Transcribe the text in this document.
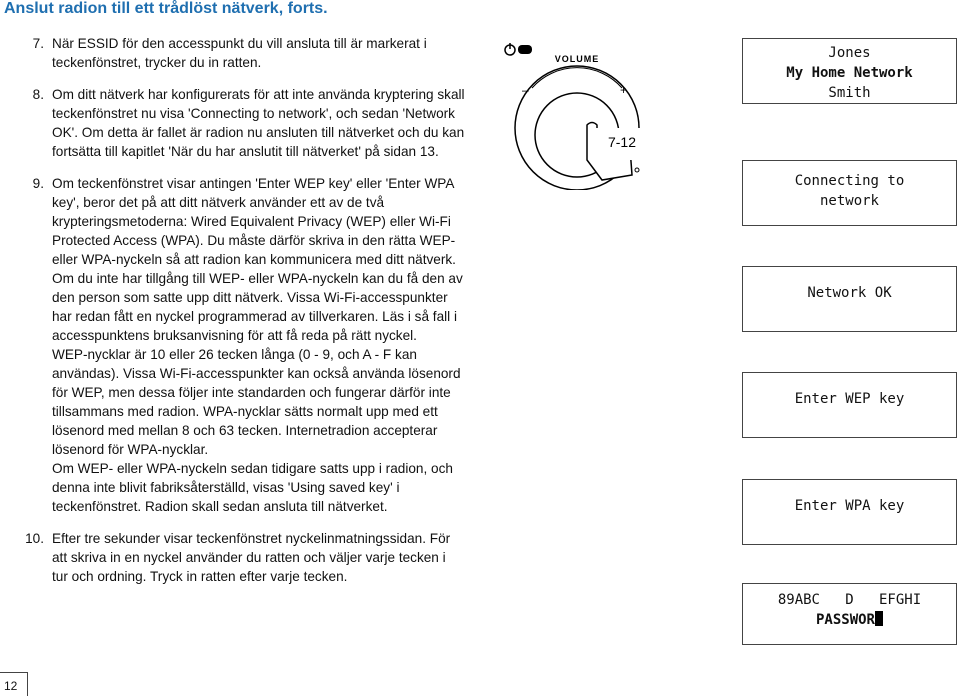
Anslut radion till ett trådlöst nätverk, forts.
7. När ESSID för den accesspunkt du vill ansluta till är markerat i teckenfönstret, trycker du in ratten.

8. Om ditt nätverk har konfigurerats för att inte använda kryptering skall teckenfönstret nu visa 'Connecting to network', och sedan 'Network OK'. Om detta är fallet är radion nu ansluten till nätverket och du kan fortsätta till kapitlet 'När du har anslutit till nätverket' på sidan 13.

9. Om teckenfönstret visar antingen 'Enter WEP key' eller 'Enter WPA key', beror det på att ditt nätverk använder ett av de två krypteringsmetoderna: Wired Equivalent Privacy (WEP) eller Wi-Fi Protected Access (WPA). Du måste därför skriva in den rätta WEP- eller WPA-nyckeln så att radion kan kommunicera med ditt nätverk.

Om du inte har tillgång till WEP- eller WPA-nyckeln kan du få den av den person som satte upp ditt nätverk. Vissa Wi-Fi-accesspunkter har redan fått en nyckel programmerad av tillverkaren. Läs i så fall i accesspunktens bruksanvisning för att få reda på rätt nyckel.

WEP-nycklar är 10 eller 26 tecken långa (0 - 9, och A - F kan användas). Vissa Wi-Fi-accesspunkter kan också använda lösenord för WEP, men dessa följer inte standarden och fungerar därför inte tillsammans med radion. WPA-nycklar sätts normalt upp med ett lösenord med mellan 8 och 63 tecken. Internetradion accepterar lösenord för WPA-nycklar.

Om WEP- eller WPA-nyckeln sedan tidigare satts upp i radion, och denna inte blivit fabriksåterställd, visas 'Using saved key' i teckenfönstret. Radion skall sedan ansluta till nätverket.

10. Efter tre sekunder visar teckenfönstret nyckelinmatningssidan. För att skriva in en nyckel använder du ratten och väljer varje tecken i tur och ordning. Tryck in ratten efter varje tecken.

VOLUME
–	+
7-12
Jones
My Home Network
Smith
Connecting to
network
Network OK
Enter WEP key
Enter WPA key
89ABC   D   EFGHI
PASSWOR
12
